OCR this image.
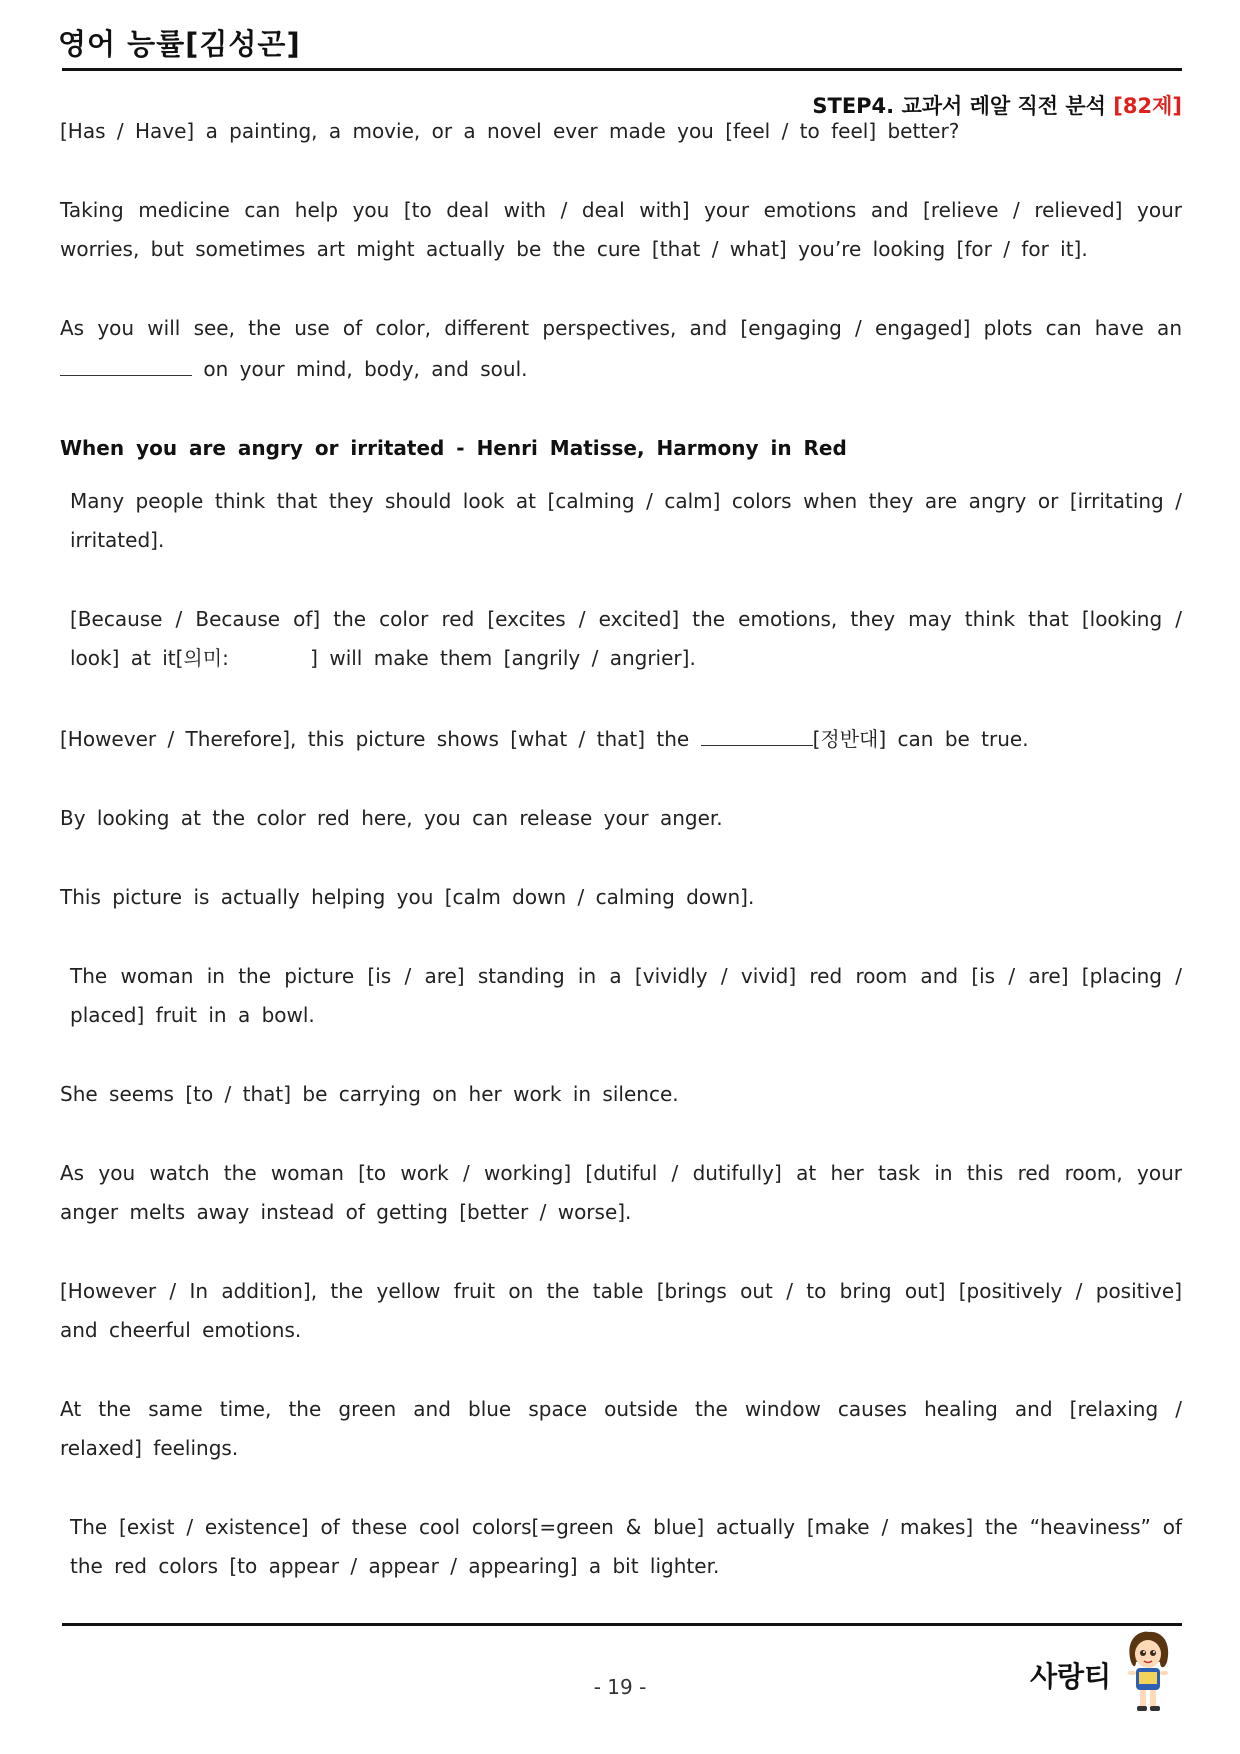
영어 능률[김성곤]
STEP4. 교과서 레알 직전 분석 [82제]

[Has / Have] a painting, a movie, or a novel ever made you [feel / to feel] better?

Taking medicine can help you [to deal with / deal with] your emotions and [relieve / relieved] your worries, but sometimes art might actually be the cure [that / what] you’re looking [for / for it].

As you will see, the use of color, different perspectives, and [engaging / engaged] plots can have an  on your mind, body, and soul.

When you are angry or irritated - Henri Matisse, Harmony in Red

Many people think that they should look at [calming / calm] colors when they are angry or [irritating / irritated].

[Because / Because of] the color red [excites / excited] the emotions, they may think that [looking / look] at it[의미:	] will make them [angrily / angrier].

[However / Therefore], this picture shows [what / that] the	[정반대] can be true.

By looking at the color red here, you can release your anger.

This picture is actually helping you [calm down / calming down].

The woman in the picture [is / are] standing in a [vividly / vivid] red room and [is / are] [placing / placed] fruit in a bowl.

She seems [to / that] be carrying on her work in silence.

As you watch the woman [to work / working] [dutiful / dutifully] at her task in this red room, your anger melts away instead of getting [better / worse].

[However / In addition], the yellow fruit on the table [brings out / to bring out] [positively / positive] and cheerful emotions.

At the same time, the green and blue space outside the window causes healing and [relaxing / relaxed] feelings.

The [exist / existence] of these cool colors[=green & blue] actually [make / makes] the “heaviness” of the red colors [to appear / appear / appearing] a bit lighter.

- 19 -	사랑티
